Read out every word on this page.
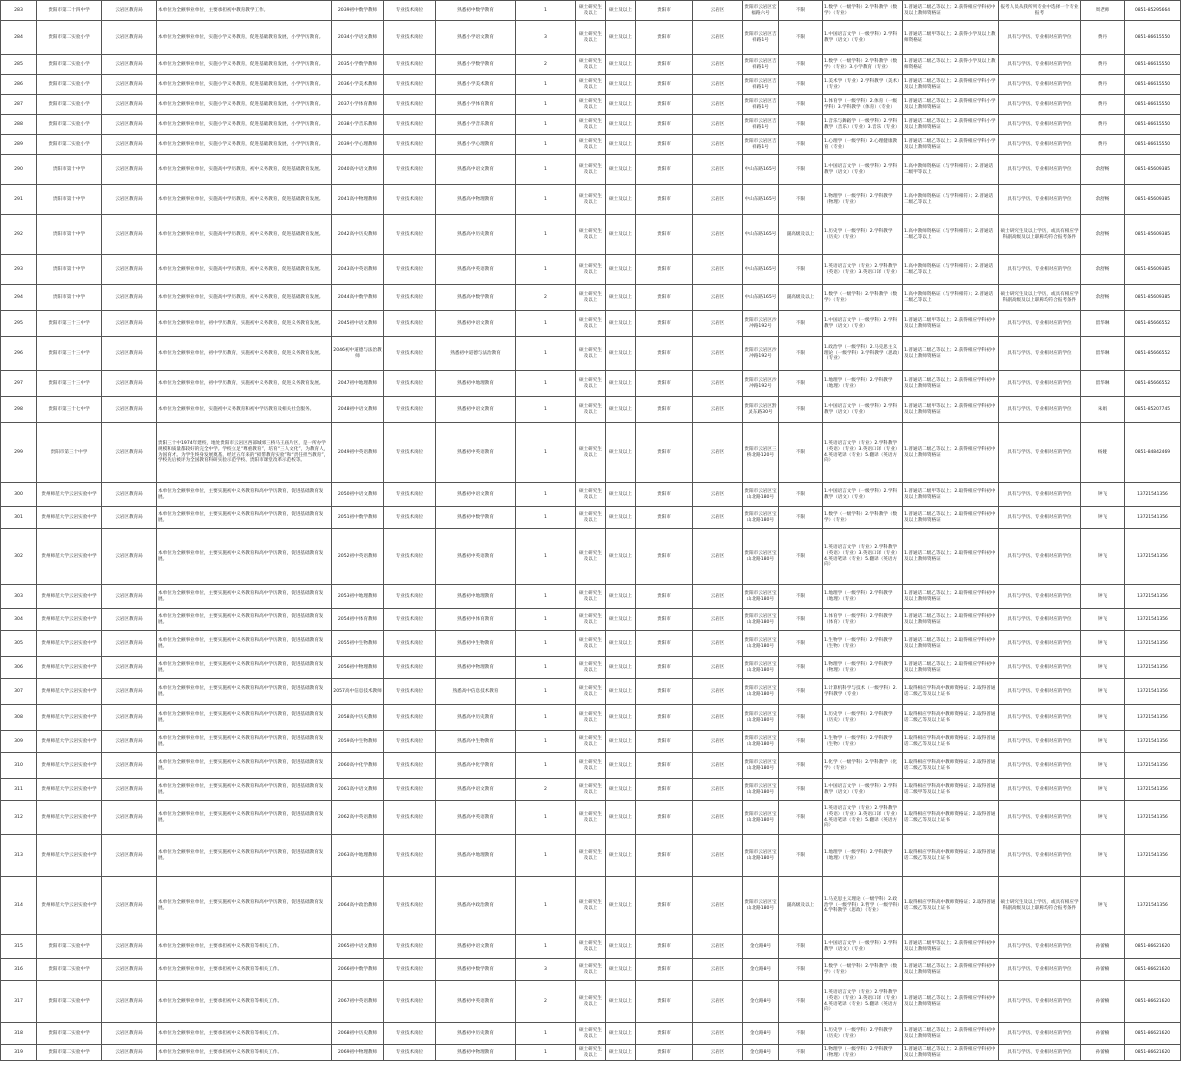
283	贵阳市第二十四中学	云岩区教育局	本单位为全额事业单位，主要承担初中教育教学工作。	2039初中数学教师	专业技术岗位	熟悉初中数学教育	1	硕士研究生及以上	硕士及以上	贵阳市	云岩区	贵阳市云岩区宏福路六号	不限	1.数学（一级学科）2.学科教学（数学）（专业）	1.普通话二级乙等以上；2.获得相应学科初中及以上教师资格证	报考人员从我所列专业中选择一个专业报考	周老师	0851-85295664
284	贵阳市第二实验小学	云岩区教育局	本单位为全额事业单位，实施小学义务教育，促进基础教育发展，小学学历教育。	2034小学语文教师	专业技术岗位	熟悉小学语文教育	3	硕士研究生及以上	硕士及以上	贵阳市	云岩区	贵阳市云岩区吉祥路1号	不限	1.中国语言文学（一级学科）2.学科教学（语文）（专业）	1.普通话二级甲等以上；2.获得小学及以上教师资格证	具有与学历、专业相对应的学位	费丹	0851-86615550
285	贵阳市第二实验小学	云岩区教育局	本单位为全额事业单位，实施小学义务教育，促进基础教育发展，小学学历教育。	2035小学数学教师	专业技术岗位	熟悉小学数学教育	2	硕士研究生及以上	硕士及以上	贵阳市	云岩区	贵阳市云岩区吉祥路1号	不限	1.数学（一级学科）2.学科教学（数学）（专业）3.小学教育（专业）	1.普通话二级乙等以上；2.获得小学及以上教师资格证	具有与学历、专业相对应的学位	费丹	0851-86615550
286	贵阳市第二实验小学	云岩区教育局	本单位为全额事业单位，实施小学义务教育，促进基础教育发展，小学学历教育。	2036小学美术教师	专业技术岗位	熟悉小学美术教育	1	硕士研究生及以上	硕士及以上	贵阳市	云岩区	贵阳市云岩区吉祥路1号	不限	1.美术学（专业）2.学科教学（美术）（专业）	1.普通话二级乙等以上；2.获得相应学科小学及以上教师资格证	具有与学历、专业相对应的学位	费丹	0851-86615550
287	贵阳市第二实验小学	云岩区教育局	本单位为全额事业单位，实施小学义务教育，促进基础教育发展，小学学历教育。	2037小学体育教师	专业技术岗位	熟悉小学体育教育	1	硕士研究生及以上	硕士及以上	贵阳市	云岩区	贵阳市云岩区吉祥路1号	不限	1.体育学（一级学科）2.体育（一级学科）3.学科教学（体育）（专业）	1.普通话二级乙等以上；2.获得相应学科小学及以上教师资格证	具有与学历、专业相对应的学位	费丹	0851-86615550
288	贵阳市第二实验小学	云岩区教育局	本单位为全额事业单位，实施小学义务教育，促进基础教育发展，小学学历教育。	2038小学音乐教师	专业技术岗位	熟悉小学音乐教育	1	硕士研究生及以上	硕士及以上	贵阳市	云岩区	贵阳市云岩区吉祥路1号	不限	1.音乐与舞蹈学（一级学科）2.学科教学（音乐）（专业）3.音乐（专业）	1.普通话二级乙等以上；2.获得相应学科小学及以上教师资格证	具有与学历、专业相对应的学位	费丹	0851-86615550
289	贵阳市第二实验小学	云岩区教育局	本单位为全额事业单位，实施小学义务教育，促进基础教育发展，小学学历教育。	2039小学心理教师	专业技术岗位	熟悉小学心理教育	1	硕士研究生及以上	硕士及以上	贵阳市	云岩区	贵阳市云岩区吉祥路1号	不限	1.心理学（一级学科）2.心理健康教育（专业）	1.普通话二级乙等以上；2.获得相应学科小学及以上教师资格证	具有与学历、专业相对应的学位	费丹	0851-86615550
290	贵阳市第十中学	云岩区教育局	本单位为全额事业单位，实施高中学历教育，初中义务教育，促进基础教育发展。	2040高中语文教师	专业技术岗位	熟悉高中语文教育	1	硕士研究生及以上	硕士及以上	贵阳市	云岩区	中山东路165号	不限	1.中国语言文学（一级学科）2.学科教学（语文）（专业）	1.高中教师资格证（与学科相符）；2.普通话二级甲等以上	具有与学历、专业相对应的学位	余舒畅	0851-85609385
291	贵阳市第十中学	云岩区教育局	本单位为全额事业单位，实施高中学历教育，初中义务教育，促进基础教育发展。	2041高中物理教师	专业技术岗位	熟悉高中物理教育	1	硕士研究生及以上	硕士及以上	贵阳市	云岩区	中山东路165号	不限	1.物理学（一级学科）2.学科教学（物理）（专业）	1.高中教师资格证（与学科相符）；2.普通话二级乙等以上	具有与学历、专业相对应的学位	余舒畅	0851-85609385
292	贵阳市第十中学	云岩区教育局	本单位为全额事业单位，实施高中学历教育，初中义务教育，促进基础教育发展。	2042高中历史教师	专业技术岗位	熟悉高中历史教育	1	硕士研究生及以上	硕士及以上	贵阳市	云岩区	中山东路165号	副高级及以上	1.历史学（一级学科）2.学科教学（历史）（专业）	1.高中教师资格证（与学科相符）；2.普通话二级乙等以上	硕士研究生及以上学历，或具有相应学科副高级及以上职称均符合报考条件	余舒畅	0851-85609385
293	贵阳市第十中学	云岩区教育局	本单位为全额事业单位，实施高中学历教育，初中义务教育，促进基础教育发展。	2043高中英语教师	专业技术岗位	熟悉高中英语教育	1	硕士研究生及以上	硕士及以上	贵阳市	云岩区	中山东路165号	不限	1.英语语言文学（专业）2.学科教学（英语）（专业）3.英语口译（专业）	1.高中教师资格证（与学科相符）；2.普通话二级乙等以上	具有与学历、专业相对应的学位	余舒畅	0851-85609385
294	贵阳市第十中学	云岩区教育局	本单位为全额事业单位，实施高中学历教育，初中义务教育，促进基础教育发展。	2044高中数学教师	专业技术岗位	熟悉高中数学教育	2	硕士研究生及以上	硕士及以上	贵阳市	云岩区	中山东路165号	副高级及以上	1.数学（一级学科）2.学科教学（数学）（专业）	1.高中教师资格证（与学科相符）；2.普通话二级乙等以上	硕士研究生及以上学历，或具有相应学科副高级及以上职称均符合报考条件	余舒畅	0851-85609385
295	贵阳市第三十三中学	云岩区教育局	本单位为全额事业单位，初中学历教育，实施初中义务教育，促进义务教育发展。	2045初中语文教师	专业技术岗位	熟悉初中语文教育	1	硕士研究生及以上	硕士及以上	贵阳市	云岩区	贵阳市云岩区沙冲路192号	不限	1.中国语言文学（一级学科）2.学科教学（语文）（专业）	1.普通话二级甲等以上；2.获得相应学科初中及以上教师资格证	具有与学历、专业相对应的学位	留华琳	0851-85666552
296	贵阳市第三十三中学	云岩区教育局	本单位为全额事业单位，初中学历教育，实施初中义务教育，促进义务教育发展。	2046初中道德与法治教师	专业技术岗位	熟悉初中道德与法治教育	1	硕士研究生及以上	硕士及以上	贵阳市	云岩区	贵阳市云岩区沙冲路192号	不限	1.政治学（一级学科）2.马克思主义理论（一级学科）3.学科教学（思政）（专业）	1.普通话二级乙等以上；2.获得相应学科初中及以上教师资格证	具有与学历、专业相对应的学位	留华琳	0851-85666552
297	贵阳市第三十三中学	云岩区教育局	本单位为全额事业单位，初中学历教育，实施初中义务教育，促进义务教育发展。	2047初中地理教师	专业技术岗位	熟悉初中地理教育	1	硕士研究生及以上	硕士及以上	贵阳市	云岩区	贵阳市云岩区沙冲路192号	不限	1.地理学（一级学科）2.学科教学（地理）（专业）	1.普通话二级乙等以上；2.获得相应学科初中及以上教师资格证	具有与学历、专业相对应的学位	留华琳	0851-85666552
298	贵阳市第三十七中学	云岩区教育局	本单位为全额事业单位，实施初中义务教育和初中学历教育及相关社会服务。	2048初中语文教师	专业技术岗位	熟悉初中语文教育	1	硕士研究生及以上	硕士及以上	贵阳市	云岩区	贵阳市云岩区黔灵东路30号	不限	1.中国语言文学（一级学科）2.学科教学（语文）（专业）	1.普通话二级甲等以上；2.获得相应学科初中及以上教师资格证	具有与学历、专业相对应的学位	朱娟	0851-85207745
299	贵阳市第三十中学	云岩区教育局	贵阳三十中1974年建校，地处贵阳市云岩区西部城郊三桥马王庙片区，是一所办学规模和质量都较好的完全中学。学校立足“尊重教育”，培育“三人文化”，为教育人，为国育才。为学生终身发展奠基，经过五年来的“损带教育实验”和“责任担当教育”，学校先后被评为全国教育科研实验示范学校、贵阳市课堂改革示范校等。	2049初中英语教师	专业技术岗位	熟悉初中英语教育	1	硕士研究生及以上	硕士及以上	贵阳市	云岩区	贵阳市云岩区三桥北路120号	不限	1.英语语言文学（专业）2.学科教学（英语）（专业）3.英语口译（专业）4.英语笔译（专业）5.翻译（英语方向）	1.普通话二级乙等以上；2.获得相应学科初中及以上教师资格证	具有与学历、专业相对应的学位	杨娅	0851-84842469
300	贵州师范大学云岩实验中学	云岩区教育局	本单位为全额事业单位，主要实施初中义务教育和高中学历教育，促进基础教育发展。	2050初中语文教师	专业技术岗位	熟悉初中语文教育	1	硕士研究生及以上	硕士及以上	贵阳市	云岩区	贵阳市云岩区宝山北路180号	不限	1.中国语言文学（一级学科）2.学科教学（语文）（专业）	1.普通话二级甲等以上；2.取得相应学科初中及以上教师资格证	具有与学历、专业相对应的学位	钟飞	13721541356
301	贵州师范大学云岩实验中学	云岩区教育局	本单位为全额事业单位，主要实施初中义务教育和高中学历教育，促进基础教育发展。	2051初中数学教师	专业技术岗位	熟悉初中数学教育	1	硕士研究生及以上	硕士及以上	贵阳市	云岩区	贵阳市云岩区宝山北路180号	不限	1.数学（一级学科）2.学科教学（数学）（专业）	1.普通话二级乙等以上；2.取得相应学科初中及以上教师资格证	具有与学历、专业相对应的学位	钟飞	13721541356
302	贵州师范大学云岩实验中学	云岩区教育局	本单位为全额事业单位，主要实施初中义务教育和高中学历教育，促进基础教育发展。	2052初中英语教师	专业技术岗位	熟悉初中英语教育	1	硕士研究生及以上	硕士及以上	贵阳市	云岩区	贵阳市云岩区宝山北路180号	不限	1.英语语言文学（专业）2.学科教学（英语）（专业）3.英语口译（专业）4.英语笔译（专业）5.翻译（英语方向）	1.普通话二级乙等以上；2.取得相应学科初中及以上教师资格证	具有与学历、专业相对应的学位	钟飞	13721541356
303	贵州师范大学云岩实验中学	云岩区教育局	本单位为全额事业单位，主要实施初中义务教育和高中学历教育，促进基础教育发展。	2053初中地理教师	专业技术岗位	熟悉初中地理教育	1	硕士研究生及以上	硕士及以上	贵阳市	云岩区	贵阳市云岩区宝山北路180号	不限	1.地理学（一级学科）2.学科教学（地理）（专业）	1.普通话二级乙等以上；2.取得相应学科初中及以上教师资格证	具有与学历、专业相对应的学位	钟飞	13721541356
304	贵州师范大学云岩实验中学	云岩区教育局	本单位为全额事业单位，主要实施初中义务教育和高中学历教育，促进基础教育发展。	2054初中体育教师	专业技术岗位	熟悉初中体育教育	1	硕士研究生及以上	硕士及以上	贵阳市	云岩区	贵阳市云岩区宝山北路180号	不限	1.体育学（一级学科）2.学科教学（体育）（专业）	1.普通话二级乙等以上；2.取得相应学科初中及以上教师资格证	具有与学历、专业相对应的学位	钟飞	13721541356
305	贵州师范大学云岩实验中学	云岩区教育局	本单位为全额事业单位，主要实施初中义务教育和高中学历教育，促进基础教育发展。	2055初中生物教师	专业技术岗位	熟悉初中生物教育	1	硕士研究生及以上	硕士及以上	贵阳市	云岩区	贵阳市云岩区宝山北路180号	不限	1.生物学（一级学科）2.学科教学（生物）（专业）	1.普通话二级乙等以上；2.取得相应学科初中及以上教师资格证	具有与学历、专业相对应的学位	钟飞	13721541356
306	贵州师范大学云岩实验中学	云岩区教育局	本单位为全额事业单位，主要实施初中义务教育和高中学历教育，促进基础教育发展。	2056初中物理教师	专业技术岗位	熟悉初中物理教育	1	硕士研究生及以上	硕士及以上	贵阳市	云岩区	贵阳市云岩区宝山北路180号	不限	1.物理学（一级学科）2.学科教学（物理）（专业）	1.普通话二级乙等以上；2.取得相应学科初中及以上教师资格证	具有与学历、专业相对应的学位	钟飞	13721541356
307	贵州师范大学云岩实验中学	云岩区教育局	本单位为全额事业单位，主要实施初中义务教育和高中学历教育，促进基础教育发展。	2057高中信息技术教师	专业技术岗位	熟悉高中信息技术教育	1	硕士研究生及以上	硕士及以上	贵阳市	云岩区	贵阳市云岩区宝山北路180号	不限	1.计算机科学与技术（一级学科）2.学科教学（专业）	1.取得相应学科高中教师资格证；2.取得普通话二级乙等及以上证书	具有与学历、专业相对应的学位	钟飞	13721541356
308	贵州师范大学云岩实验中学	云岩区教育局	本单位为全额事业单位，主要实施初中义务教育和高中学历教育，促进基础教育发展。	2058高中历史教师	专业技术岗位	熟悉高中历史教育	1	硕士研究生及以上	硕士及以上	贵阳市	云岩区	贵阳市云岩区宝山北路180号	不限	1.历史学（一级学科）2.学科教学（历史）（专业）	1.取得相应学科高中教师资格证；2.取得普通话二级乙等及以上证书	具有与学历、专业相对应的学位	钟飞	13721541356
309	贵州师范大学云岩实验中学	云岩区教育局	本单位为全额事业单位，主要实施初中义务教育和高中学历教育，促进基础教育发展。	2059高中生物教师	专业技术岗位	熟悉高中生物教育	1	硕士研究生及以上	硕士及以上	贵阳市	云岩区	贵阳市云岩区宝山北路180号	不限	1.生物学（一级学科）2.学科教学（生物）（专业）	1.取得相应学科高中教师资格证；2.取得普通话二级乙等及以上证书	具有与学历、专业相对应的学位	钟飞	13721541356
310	贵州师范大学云岩实验中学	云岩区教育局	本单位为全额事业单位，主要实施初中义务教育和高中学历教育，促进基础教育发展。	2060高中化学教师	专业技术岗位	熟悉高中化学教育	1	硕士研究生及以上	硕士及以上	贵阳市	云岩区	贵阳市云岩区宝山北路180号	不限	1.化学（一级学科）2.学科教学（化学）（专业）	1.取得相应学科高中教师资格证；2.取得普通话二级乙等及以上证书	具有与学历、专业相对应的学位	钟飞	13721541356
311	贵州师范大学云岩实验中学	云岩区教育局	本单位为全额事业单位，主要实施初中义务教育和高中学历教育，促进基础教育发展。	2061高中语文教师	专业技术岗位	熟悉高中语文教育	2	硕士研究生及以上	硕士及以上	贵阳市	云岩区	贵阳市云岩区宝山北路180号	不限	1.中国语言文学（一级学科）2.学科教学（语文）（专业）	1.取得相应学科高中教师资格证；2.取得普通话二级甲等及以上证书	具有与学历、专业相对应的学位	钟飞	13721541356
312	贵州师范大学云岩实验中学	云岩区教育局	本单位为全额事业单位，主要实施初中义务教育和高中学历教育，促进基础教育发展。	2062高中英语教师	专业技术岗位	熟悉高中英语教育	1	硕士研究生及以上	硕士及以上	贵阳市	云岩区	贵阳市云岩区宝山北路180号	不限	1.英语语言文学（专业）2.学科教学（英语）（专业）3.英语口译（专业）4.英语笔译（专业）5.翻译（英语方向）	1.取得相应学科高中教师资格证；2.取得普通话二级乙等及以上证书	具有与学历、专业相对应的学位	钟飞	13721541356
313	贵州师范大学云岩实验中学	云岩区教育局	本单位为全额事业单位，主要实施初中义务教育和高中学历教育，促进基础教育发展。	2063高中地理教师	专业技术岗位	熟悉高中地理教育	1	硕士研究生及以上	硕士及以上	贵阳市	云岩区	贵阳市云岩区宝山北路180号	不限	1.地理学（一级学科）2.学科教学（地理）（专业）	1.取得相应学科高中教师资格证；2.取得普通话二级乙等及以上证书	具有与学历、专业相对应的学位	钟飞	13721541356
314	贵州师范大学云岩实验中学	云岩区教育局	本单位为全额事业单位，主要实施初中义务教育和高中学历教育，促进基础教育发展。	2064高中政治教师	专业技术岗位	熟悉高中政治教育	1	硕士研究生及以上	硕士及以上	贵阳市	云岩区	贵阳市云岩区宝山北路180号	副高级及以上	1.马克思主义理论（一级学科）2.政治学（一级学科）3.哲学（一级学科）4.学科教学（思政）（专业）	1.取得相应学科高中教师资格证；2.取得普通话二级乙等及以上证书	硕士研究生及以上学历，或具有相应学科副高级及以上职称均符合报考条件	钟飞	13721541356
315	贵阳市第二实验中学	云岩区教育局	本单位为全额事业单位，主要承担初中义务教育等相关工作。	2065初中语文教师	专业技术岗位	熟悉初中语文教育	1	硕士研究生及以上	硕士及以上	贵阳市	云岩区	金仓路8号	不限	1.中国语言文学（一级学科）2.学科教学（语文）（专业）	1.普通话二级甲等以上；2.获得相应学科初中及以上教师资格证	具有与学历、专业相对应的学位	孙蕾楠	0851-86621620
316	贵阳市第二实验中学	云岩区教育局	本单位为全额事业单位，主要承担初中义务教育等相关工作。	2066初中数学教师	专业技术岗位	熟悉初中数学教育	3	硕士研究生及以上	硕士及以上	贵阳市	云岩区	金仓路8号	不限	1.数学（一级学科）2.学科教学（数学）（专业）	1.普通话二级乙等以上；2.获得相应学科初中及以上教师资格证	具有与学历、专业相对应的学位	孙蕾楠	0851-86621620
317	贵阳市第二实验中学	云岩区教育局	本单位为全额事业单位，主要承担初中义务教育等相关工作。	2067初中英语教师	专业技术岗位	熟悉初中英语教育	2	硕士研究生及以上	硕士及以上	贵阳市	云岩区	金仓路8号	不限	1.英语语言文学（专业）2.学科教学（英语）（专业）3.英语口译（专业）4.英语笔译（专业）5.翻译（英语方向）	1.普通话二级乙等以上；2.获得相应学科初中及以上教师资格证	具有与学历、专业相对应的学位	孙蕾楠	0851-86621620
318	贵阳市第二实验中学	云岩区教育局	本单位为全额事业单位，主要承担初中义务教育等相关工作。	2068初中历史教师	专业技术岗位	熟悉初中历史教育	1	硕士研究生及以上	硕士及以上	贵阳市	云岩区	金仓路8号	不限	1.历史学（一级学科）2.学科教学（历史）（专业）	1.普通话二级乙等以上；2.获得相应学科初中及以上教师资格证	具有与学历、专业相对应的学位	孙蕾楠	0851-86621620
319	贵阳市第二实验中学	云岩区教育局	本单位为全额事业单位，主要承担初中义务教育等相关工作。	2069初中物理教师	专业技术岗位	熟悉初中物理教育	1	硕士研究生及以上	硕士及以上	贵阳市	云岩区	金仓路8号	不限	1.物理学（一级学科）2.学科教学（物理）（专业）	1.普通话二级乙等以上；2.获得相应学科初中及以上教师资格证	具有与学历、专业相对应的学位	孙蕾楠	0851-86621620
